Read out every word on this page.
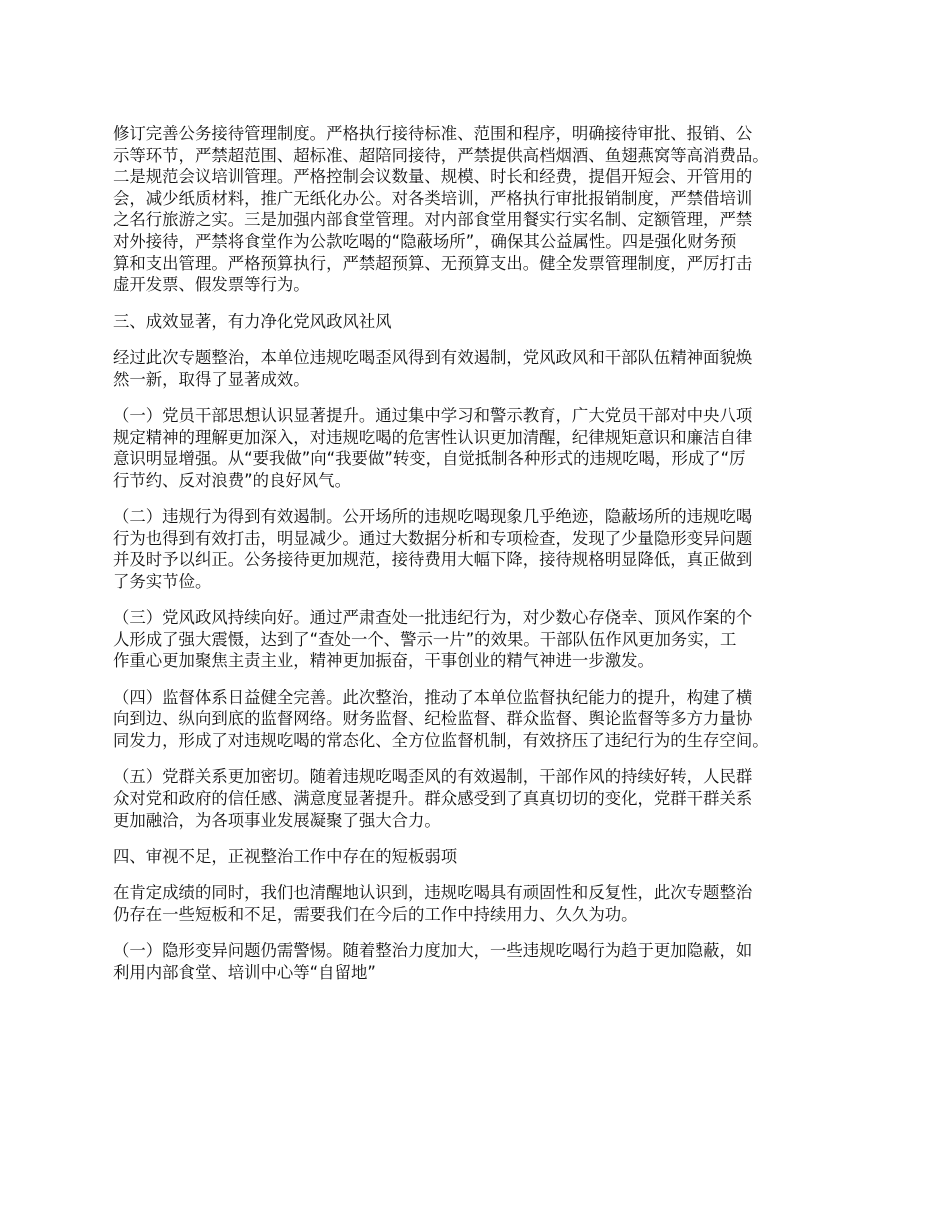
修订完善公务接待管理制度。严格执行接待标准、范围和程序，明确接待审批、报销、公
示等环节，严禁超范围、超标准、超陪同接待，严禁提供高档烟酒、鱼翅燕窝等高消费品。
二是规范会议培训管理。严格控制会议数量、规模、时长和经费，提倡开短会、开管用的
会，减少纸质材料，推广无纸化办公。对各类培训，严格执行审批报销制度，严禁借培训
之名行旅游之实。三是加强内部食堂管理。对内部食堂用餐实行实名制、定额管理，严禁
对外接待，严禁将食堂作为公款吃喝的“隐蔽场所”，确保其公益属性。四是强化财务预
算和支出管理。严格预算执行，严禁超预算、无预算支出。健全发票管理制度，严厉打击
虚开发票、假发票等行为。
三、成效显著，有力净化党风政风社风
经过此次专题整治，本单位违规吃喝歪风得到有效遏制，党风政风和干部队伍精神面貌焕
然一新，取得了显著成效。
（一）党员干部思想认识显著提升。通过集中学习和警示教育，广大党员干部对中央八项
规定精神的理解更加深入，对违规吃喝的危害性认识更加清醒，纪律规矩意识和廉洁自律
意识明显增强。从“要我做”向“我要做”转变，自觉抵制各种形式的违规吃喝，形成了“厉
行节约、反对浪费”的良好风气。
（二）违规行为得到有效遏制。公开场所的违规吃喝现象几乎绝迹，隐蔽场所的违规吃喝
行为也得到有效打击，明显减少。通过大数据分析和专项检查，发现了少量隐形变异问题
并及时予以纠正。公务接待更加规范，接待费用大幅下降，接待规格明显降低，真正做到
了务实节俭。
（三）党风政风持续向好。通过严肃查处一批违纪行为，对少数心存侥幸、顶风作案的个
人形成了强大震慑，达到了“查处一个、警示一片”的效果。干部队伍作风更加务实，工
作重心更加聚焦主责主业，精神更加振奋，干事创业的精气神进一步激发。
（四）监督体系日益健全完善。此次整治，推动了本单位监督执纪能力的提升，构建了横
向到边、纵向到底的监督网络。财务监督、纪检监督、群众监督、舆论监督等多方力量协
同发力，形成了对违规吃喝的常态化、全方位监督机制，有效挤压了违纪行为的生存空间。
（五）党群关系更加密切。随着违规吃喝歪风的有效遏制，干部作风的持续好转，人民群
众对党和政府的信任感、满意度显著提升。群众感受到了真真切切的变化，党群干群关系
更加融洽，为各项事业发展凝聚了强大合力。
四、审视不足，正视整治工作中存在的短板弱项
在肯定成绩的同时，我们也清醒地认识到，违规吃喝具有顽固性和反复性，此次专题整治
仍存在一些短板和不足，需要我们在今后的工作中持续用力、久久为功。
（一）隐形变异问题仍需警惕。随着整治力度加大，一些违规吃喝行为趋于更加隐蔽，如
利用内部食堂、培训中心等“自留地”
